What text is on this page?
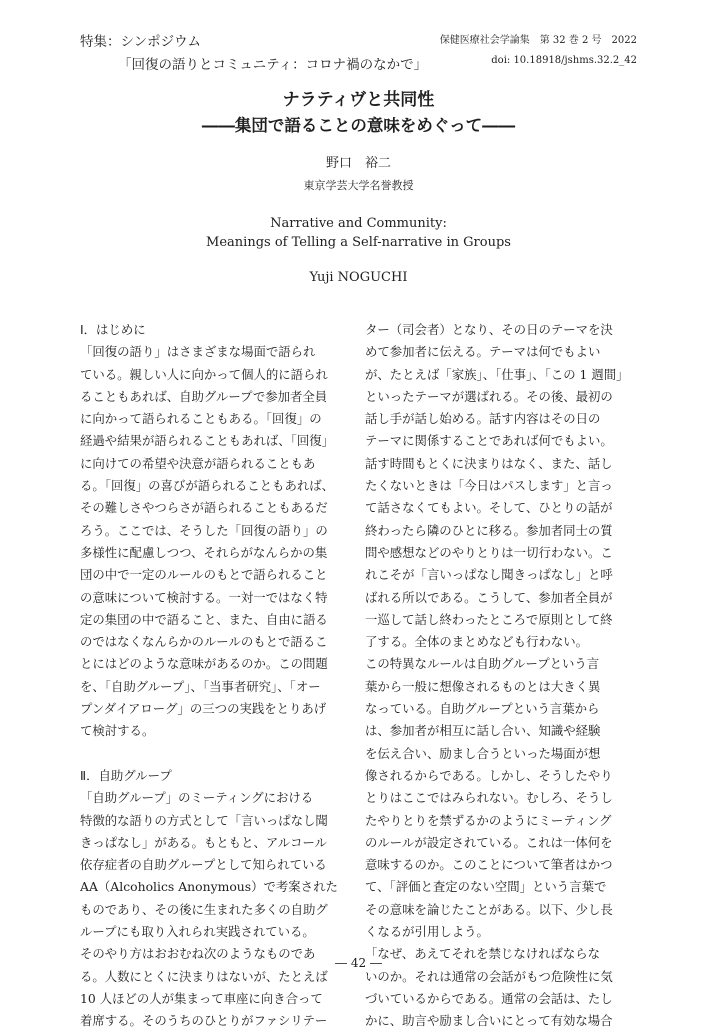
特集：シンポジウム
「回復の語りとコミュニティ：コロナ禍のなかで」
保健医療社会学論集　第 32 巻 2 号　2022
doi: 10.18918/jshms.32.2_42
ナラティヴと共同性
――集団で語ることの意味をめぐって――
野口　裕二
東京学芸大学名誉教授
Narrative and Community:
Meanings of Telling a Self-narrative in Groups
Yuji NOGUCHI
Ⅰ．はじめに

「回復の語り」はさまざまな場面で語られ

ている。親しい人に向かって個人的に語られ

ることもあれば、自助グループで参加者全員

に向かって語られることもある。「回復」の

経過や結果が語られることもあれば、「回復」

に向けての希望や決意が語られることもあ

る。「回復」の喜びが語られることもあれば、

その難しさやつらさが語られることもあるだ

ろう。ここでは、そうした「回復の語り」の

多様性に配慮しつつ、それらがなんらかの集

団の中で一定のルールのもとで語られること

の意味について検討する。一対一ではなく特

定の集団の中で語ること、また、自由に語る

のではなくなんらかのルールのもとで語るこ

とにはどのような意味があるのか。この問題

を、「自助グループ」、「当事者研究」、「オー

プンダイアローグ」の三つの実践をとりあげ

て検討する。

Ⅱ．自助グループ

「自助グループ」のミーティングにおける

特徴的な語りの方式として「言いっぱなし聞

きっぱなし」がある。もともと、アルコール

依存症者の自助グループとして知られている

AA（Alcoholics Anonymous）で考案された

ものであり、その後に生まれた多くの自助グ

ループにも取り入れられ実践されている。

そのやり方はおおむね次のようなものであ

る。人数にとくに決まりはないが、たとえば

10 人ほどの人が集まって車座に向き合って

着席する。そのうちのひとりがファシリテー

ター（司会者）となり、その日のテーマを決

めて参加者に伝える。テーマは何でもよい

が、たとえば「家族」、「仕事」、「この 1 週間」

といったテーマが選ばれる。その後、最初の

話し手が話し始める。話す内容はその日の

テーマに関係することであれば何でもよい。

話す時間もとくに決まりはなく、また、話し

たくないときは「今日はパスします」と言っ

て話さなくてもよい。そして、ひとりの話が

終わったら隣のひとに移る。参加者同士の質

問や感想などのやりとりは一切行わない。こ

れこそが「言いっぱなし聞きっぱなし」と呼

ばれる所以である。こうして、参加者全員が

一巡して話し終わったところで原則として終

了する。全体のまとめなども行わない。

この特異なルールは自助グループという言

葉から一般に想像されるものとは大きく異

なっている。自助グループという言葉から

は、参加者が相互に話し合い、知識や経験

を伝え合い、励まし合うといった場面が想

像されるからである。しかし、そうしたやり

とりはここではみられない。むしろ、そうし

たやりとりを禁ずるかのようにミーティング

のルールが設定されている。これは一体何を

意味するのか。このことについて筆者はかつ

て、「評価と査定のない空間」という言葉で

その意味を論じたことがある。以下、少し長

くなるが引用しよう。

「なぜ、あえてそれを禁じなければならな

いのか。それは通常の会話がもつ危険性に気

づいているからである。通常の会話は、たし

かに、助言や励まし合いにとって有効な場合

― 42 ―
